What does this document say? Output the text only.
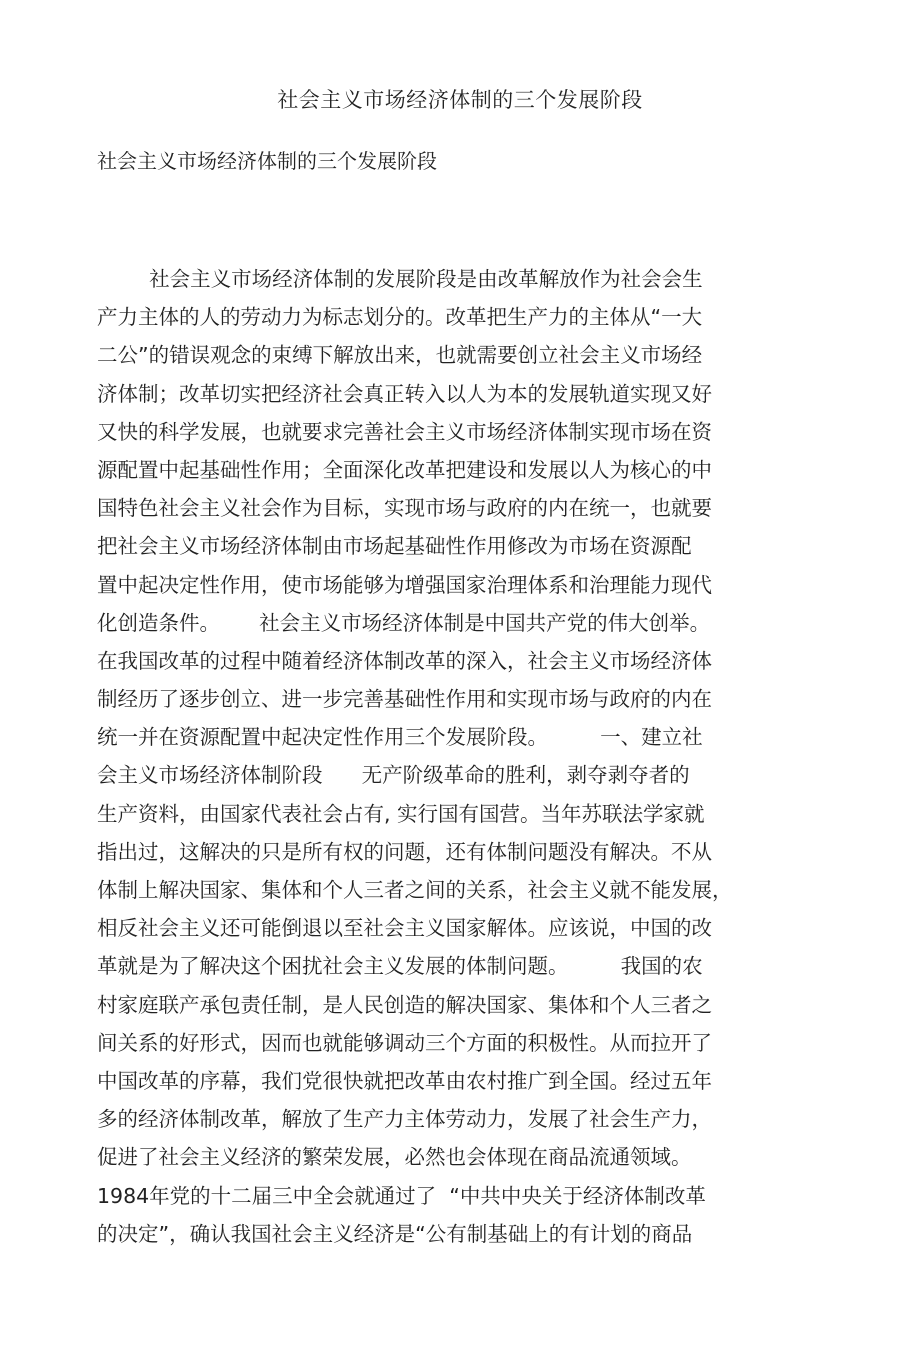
社会主义市场经济体制的三个发展阶段
社会主义市场经济体制的三个发展阶段

社会主义市场经济体制的发展阶段是由改革解放作为社会会生

产力主体的人的劳动力为标志划分的。改革把生产力的主体从“一大

二公”的错误观念的束缚下解放出来，也就需要创立社会主义市场经

济体制；改革切实把经济社会真正转入以人为本的发展轨道实现又好

又快的科学发展，也就要求完善社会主义市场经济体制实现市场在资

源配置中起基础性作用；全面深化改革把建设和发展以人为核心的中

国特色社会主义社会作为目标，实现市场与政府的内在统一，也就要

把社会主义市场经济体制由市场起基础性作用修改为市场在资源配

置中起决定性作用，使市场能够为增强国家治理体系和治理能力现代

化创造条件。      社会主义市场经济体制是中国共产党的伟大创举。

在我国改革的过程中随着经济体制改革的深入，社会主义市场经济体

制经历了逐步创立、进一步完善基础性作用和实现市场与政府的内在

统一并在资源配置中起决定性作用三个发展阶段。        一、建立社

会主义市场经济体制阶段      无产阶级革命的胜利，剥夺剥夺者的

生产资料，由国家代表社会占有, 实行国有国营。当年苏联法学家就

指出过，这解决的只是所有权的问题，还有体制问题没有解决。不从

体制上解决国家、集体和个人三者之间的关系，社会主义就不能发展，

相反社会主义还可能倒退以至社会主义国家解体。应该说，中国的改

革就是为了解决这个困扰社会主义发展的体制问题。        我国的农

村家庭联产承包责任制，是人民创造的解决国家、集体和个人三者之

间关系的好形式，因而也就能够调动三个方面的积极性。从而拉开了

中国改革的序幕，我们党很快就把改革由农村推广到全国。经过五年

多的经济体制改革，解放了生产力主体劳动力，发展了社会生产力，

促进了社会主义经济的繁荣发展，必然也会体现在商品流通领域。

1984年党的十二届三中全会就通过了  “中共中央关于经济体制改革

的决定”，确认我国社会主义经济是“公有制基础上的有计划的商品
